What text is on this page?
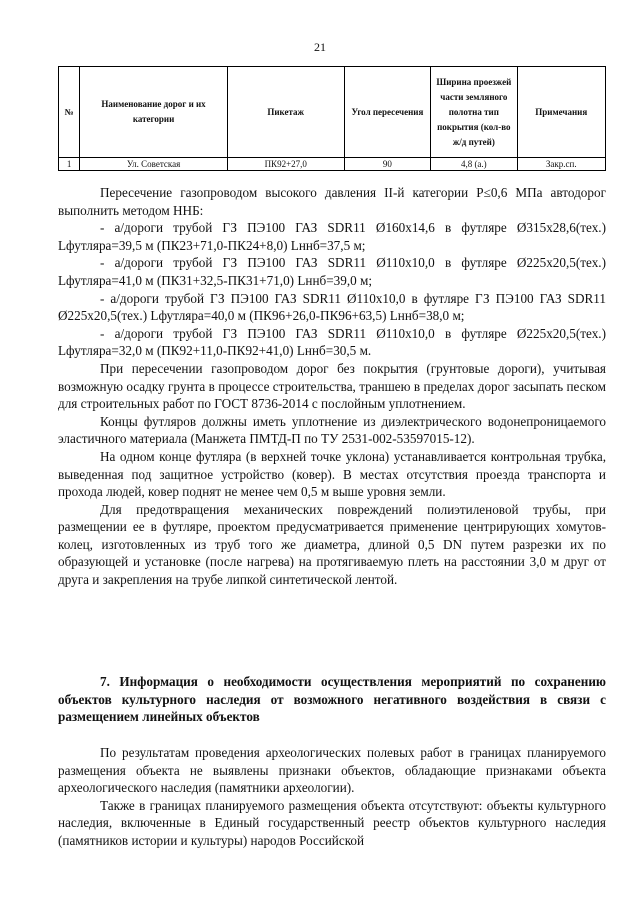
21
№	Наименование дорог и их категории	Пикетаж	Угол пересечения	Ширина проезжей части земляного полотна тип покрытия (кол-во ж/д путей)	Примечания
1	Ул. Советская	ПК92+27,0	90	4,8 (а.)	Закр.сп.

Пересечение газопроводом высокого давления II-й категории P≤0,6 МПа автодорог выполнить методом ННБ:

- а/дороги трубой ГЗ ПЭ100 ГАЗ SDR11 Ø160х14,6 в футляре Ø315х28,6(тех.) Lфутляра=39,5 м (ПК23+71,0-ПК24+8,0) Lннб=37,5 м;

- а/дороги трубой ГЗ ПЭ100 ГАЗ SDR11 Ø110х10,0 в футляре Ø225х20,5(тех.) Lфутляра=41,0 м (ПК31+32,5-ПК31+71,0) Lннб=39,0 м;

- а/дороги трубой ГЗ ПЭ100 ГАЗ SDR11 Ø110х10,0 в футляре ГЗ ПЭ100 ГАЗ SDR11 Ø225х20,5(тех.) Lфутляра=40,0 м (ПК96+26,0-ПК96+63,5) Lннб=38,0 м;

- а/дороги трубой ГЗ ПЭ100 ГАЗ SDR11 Ø110х10,0 в футляре Ø225х20,5(тех.) Lфутляра=32,0 м (ПК92+11,0-ПК92+41,0) Lннб=30,5 м.

При пересечении газопроводом дорог без покрытия (грунтовые дороги), учитывая возможную осадку грунта в процессе строительства, траншею в пределах дорог засыпать песком для строительных работ по ГОСТ 8736-2014 с послойным уплотнением.

Концы футляров должны иметь уплотнение из диэлектрического водонепроницаемого эластичного материала (Манжета ПМТД-П по ТУ 2531-002-53597015-12).

На одном конце футляра (в верхней точке уклона) устанавливается контрольная трубка, выведенная под защитное устройство (ковер). В местах отсутствия проезда транспорта и прохода людей, ковер поднят не менее чем 0,5 м выше уровня земли.

Для предотвращения механических повреждений полиэтиленовой трубы, при размещении ее в футляре, проектом предусматривается применение центрирующих хомутов-колец, изготовленных из труб того же диаметра, длиной 0,5 DN путем разрезки их по образующей и установке (после нагрева) на протягиваемую плеть на расстоянии 3,0 м друг от друга и закрепления на трубе липкой синтетической лентой.

7. Информация о необходимости осуществления мероприятий по сохранению объектов культурного наследия от возможного негативного воздействия в связи с размещением линейных объектов

По результатам проведения археологических полевых работ в границах планируемого размещения объекта не выявлены признаки объектов, обладающие признаками объекта археологического наследия (памятники археологии).

Также в границах планируемого размещения объекта отсутствуют: объекты культурного наследия, включенные в Единый государственный реестр объектов культурного наследия (памятников истории и культуры) народов Российской
